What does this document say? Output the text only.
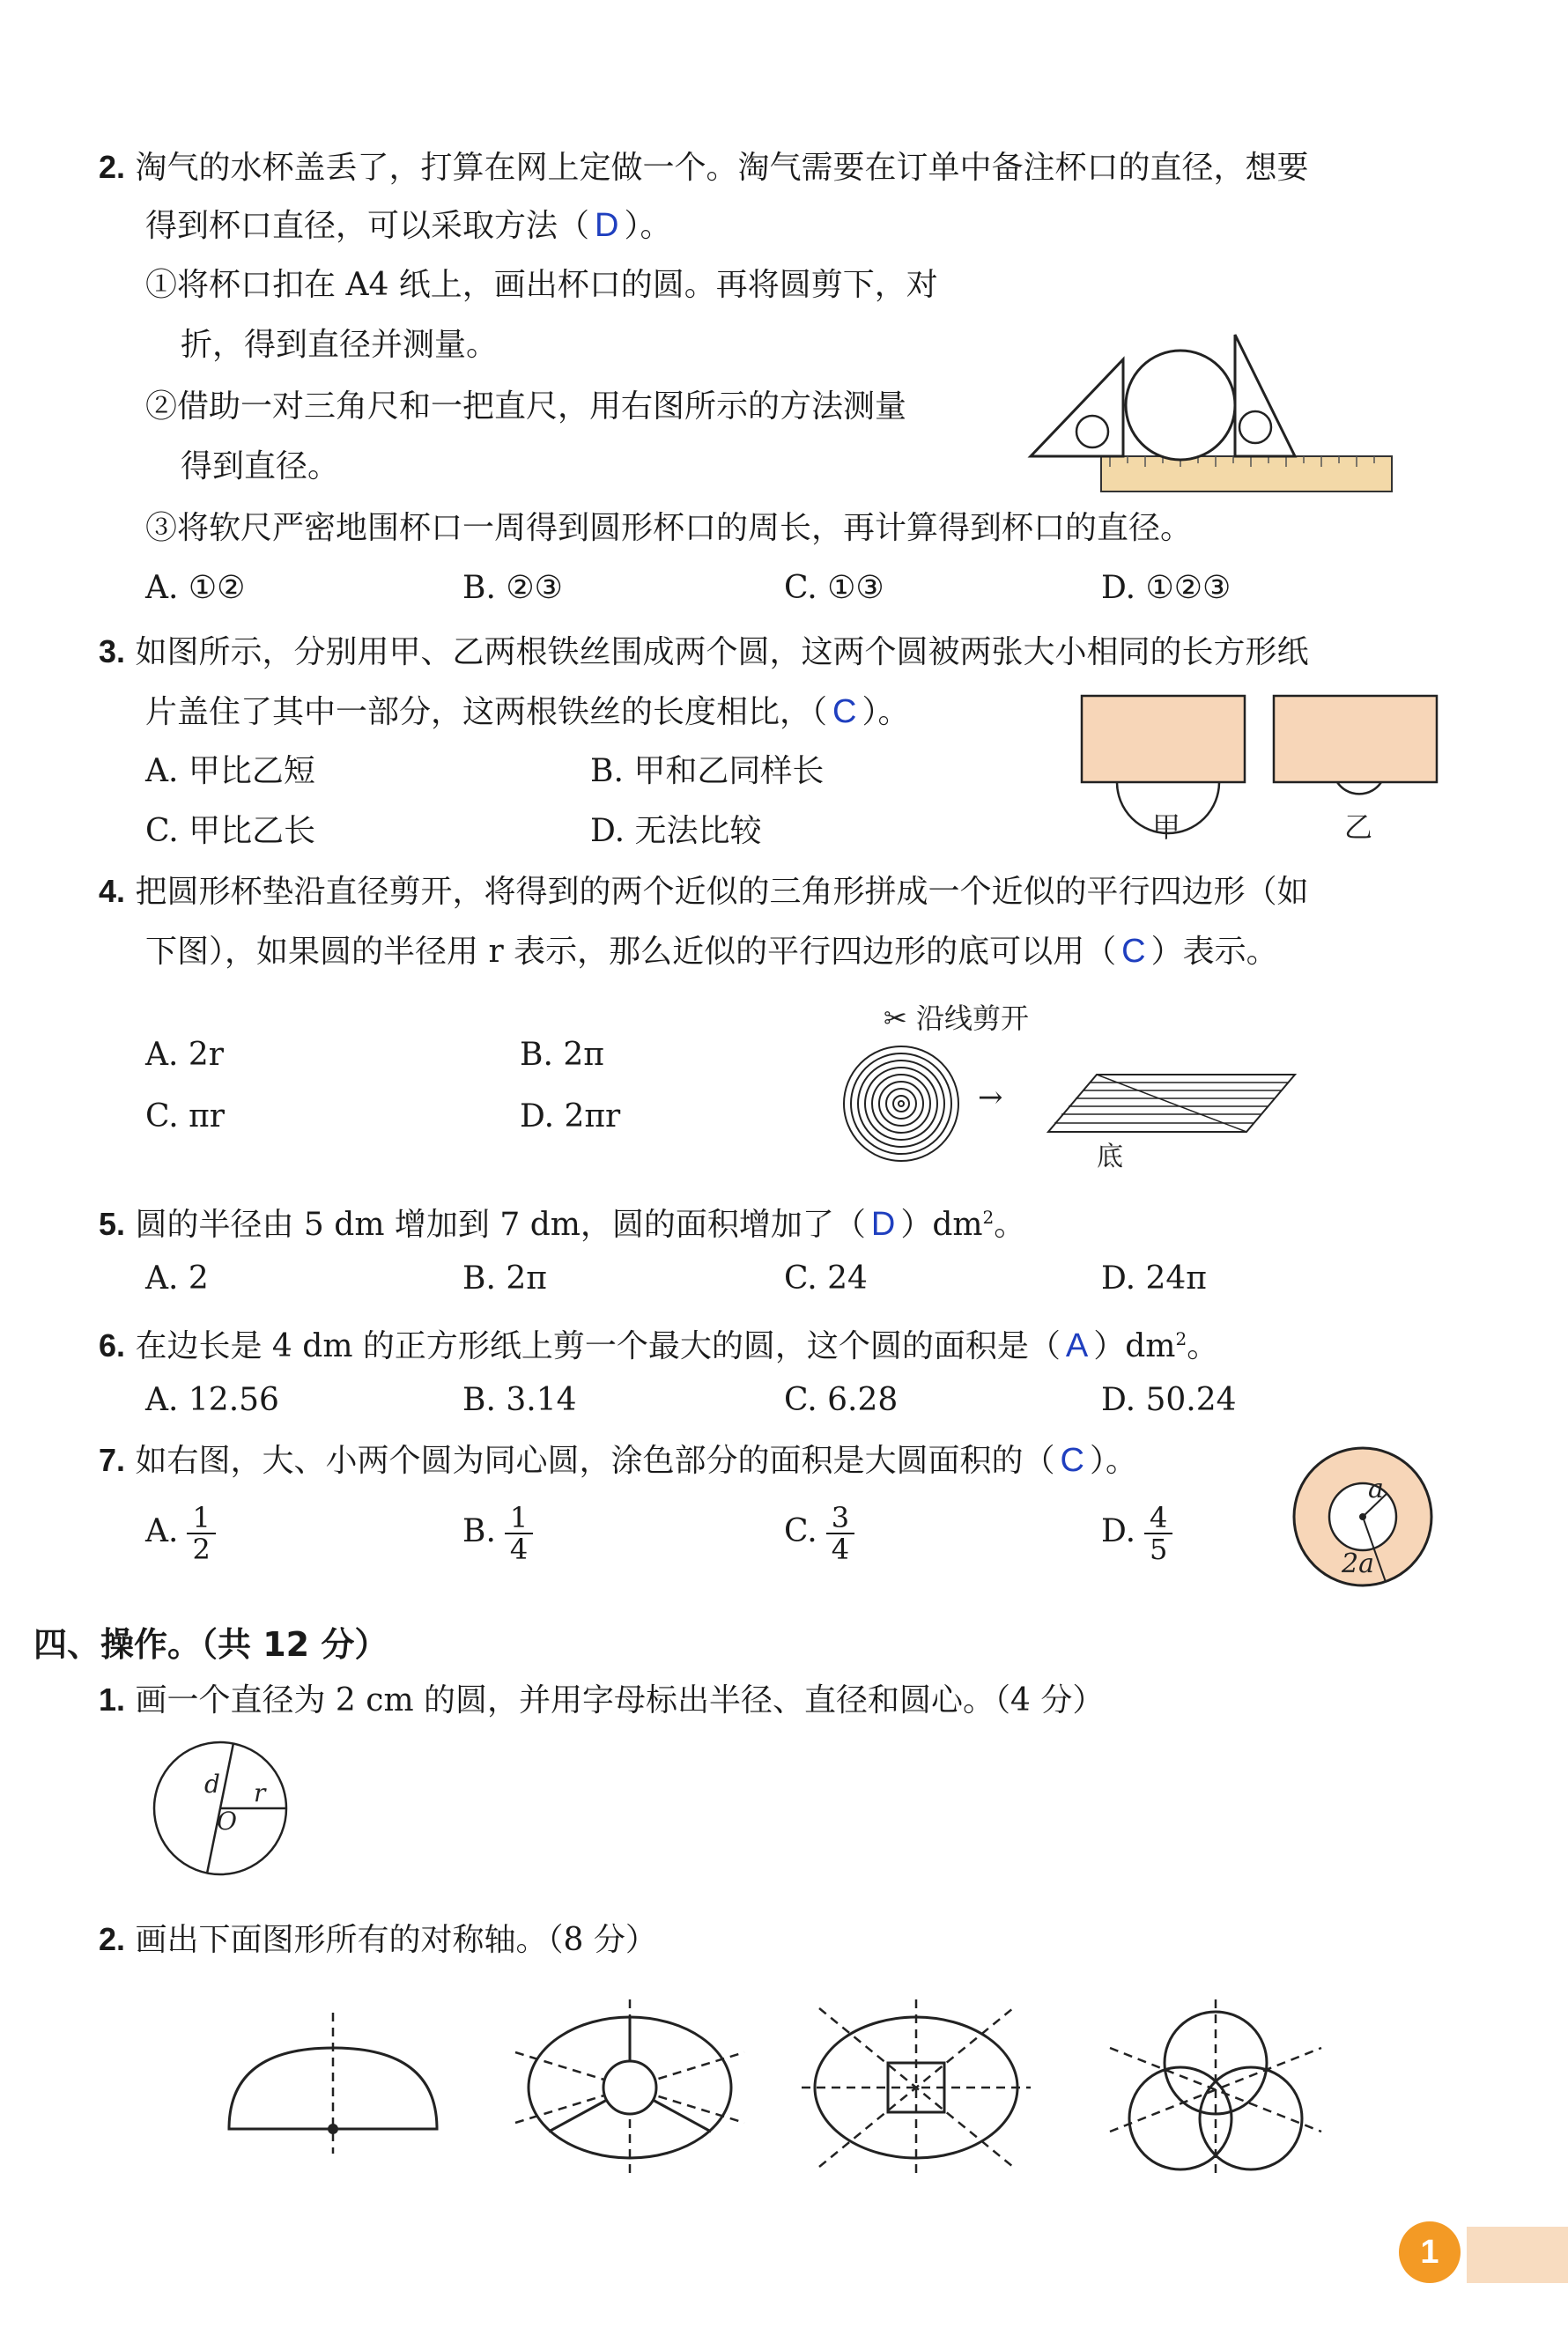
2. 淘气的水杯盖丢了，打算在网上定做一个。淘气需要在订单中备注杯口的直径，想要
得到杯口直径，可以采取方法（ D ）。
①将杯口扣在 A4 纸上，画出杯口的圆。再将圆剪下，对
折，得到直径并测量。
②借助一对三角尺和一把直尺，用右图所示的方法测量
得到直径。
③将软尺严密地围杯口一周得到圆形杯口的周长，再计算得到杯口的直径。
A. ①②	B. ②③	C. ①③	D. ①②③
3. 如图所示，分别用甲、乙两根铁丝围成两个圆，这两个圆被两张大小相同的长方形纸
片盖住了其中一部分，这两根铁丝的长度相比，（ C ）。
A. 甲比乙短	B. 甲和乙同样长
C. 甲比乙长	D. 无法比较	甲	乙
4. 把圆形杯垫沿直径剪开，将得到的两个近似的三角形拼成一个近似的平行四边形（如
下图），如果圆的半径用 r 表示，那么近似的平行四边形的底可以用（ C ）表示。
A. 2r	B. 2π
C. πr	D. 2πr
✂ 沿线剪开
→
底
5. 圆的半径由 5 dm 增加到 7 dm，圆的面积增加了（ D ）$dm^2$。
A. 2	B. 2π	C. 24	D. 24π
6. 在边长是 4 dm 的正方形纸上剪一个最大的圆，这个圆的面积是（ A ）$dm^2$。
A. 12.56	B. 3.14	C. 6.28	D. 50.24
7. 如右图，大、小两个圆为同心圆，涂色部分的面积是大圆面积的（ C ）。
A. $\frac{1}{2}$	B. $\frac{1}{4}$	C. $\frac{3}{4}$	D. $\frac{4}{5}$
a
2a
四、操作。（共 12 分）
1. 画一个直径为 2 cm 的圆，并用字母标出半径、直径和圆心。（4 分）
d r
O
2. 画出下面图形所有的对称轴。（8 分）
1
